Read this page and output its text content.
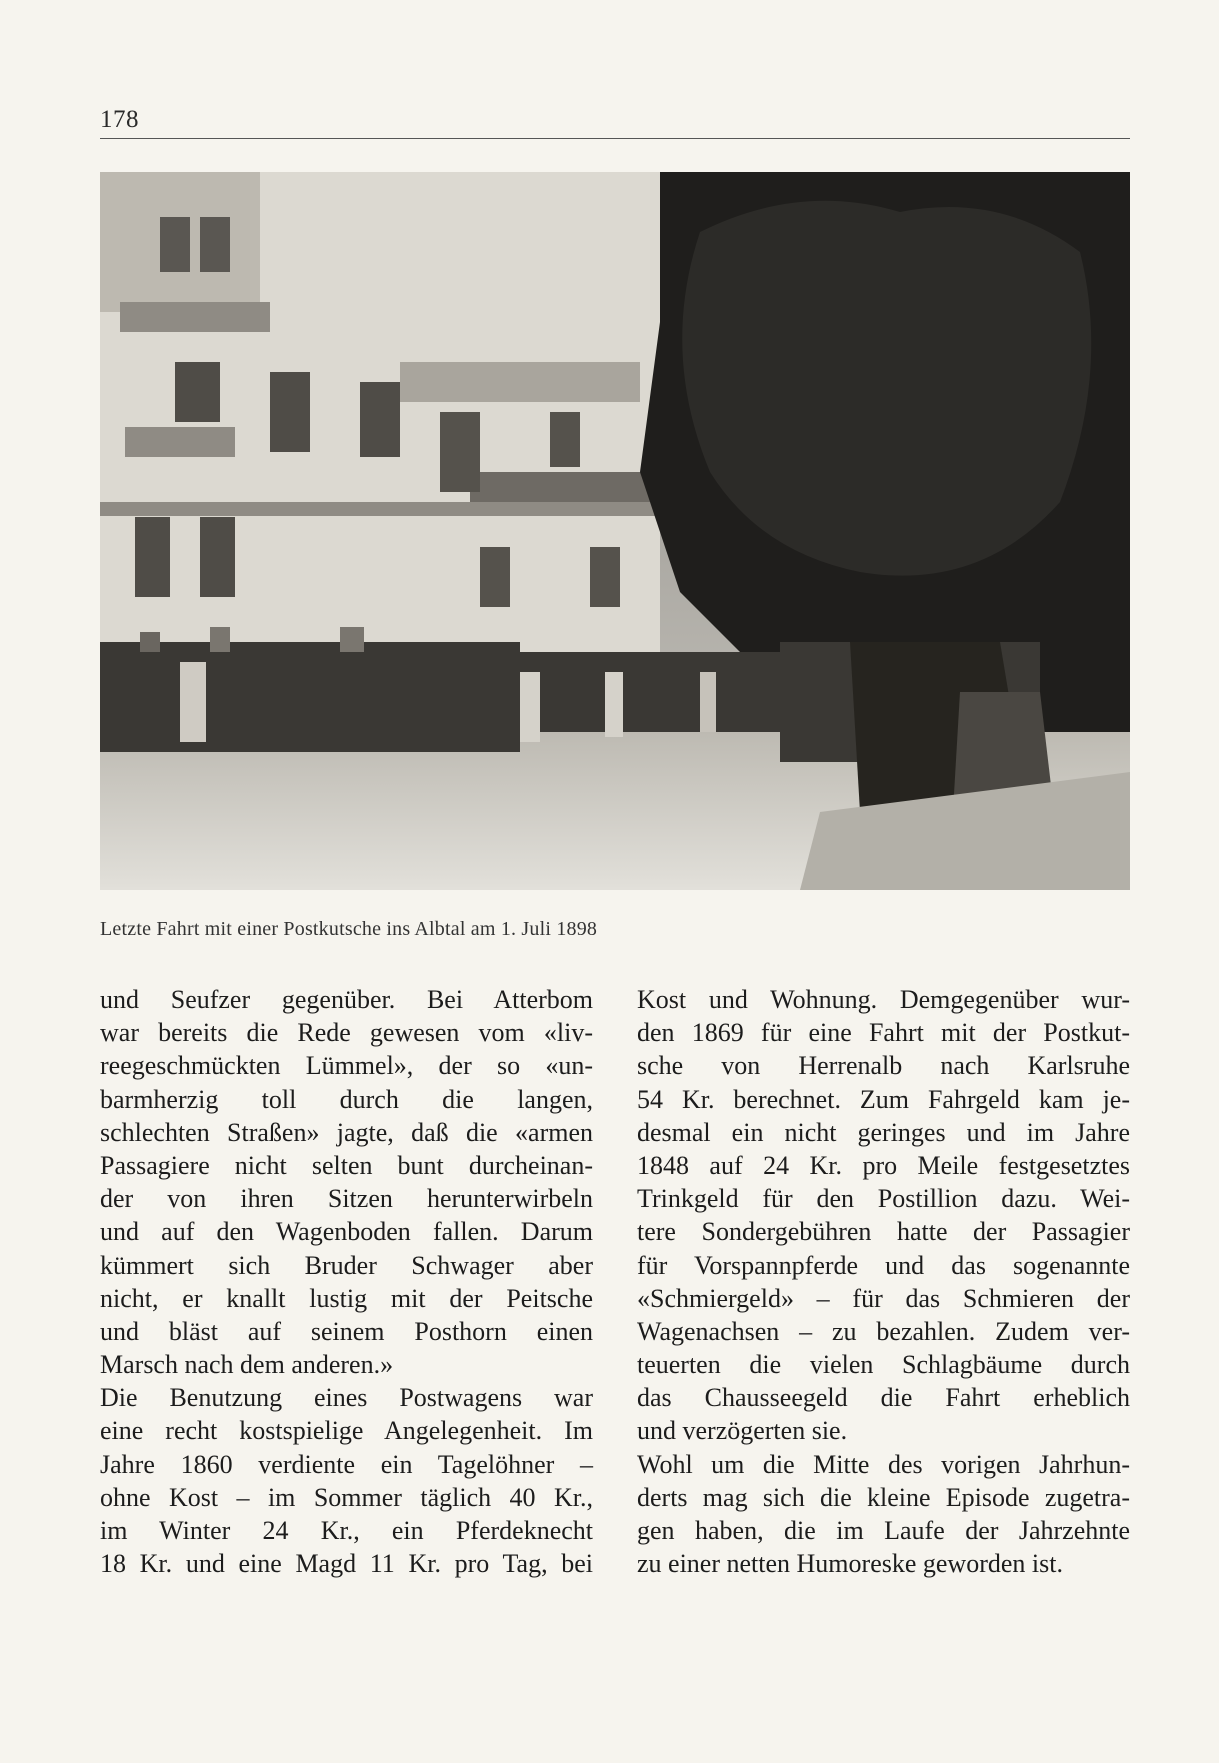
178
Letzte Fahrt mit einer Postkutsche ins Albtal am 1. Juli 1898
und Seufzer gegenüber. Bei Atterbom
war bereits die Rede gewesen vom «liv-
reegeschmückten Lümmel», der so «un-
barmherzig toll durch die langen,
schlechten Straßen» jagte, daß die «armen
Passagiere nicht selten bunt durcheinan-
der von ihren Sitzen herunterwirbeln
und auf den Wagenboden fallen. Darum
kümmert sich Bruder Schwager aber
nicht, er knallt lustig mit der Peitsche
und bläst auf seinem Posthorn einen
Marsch nach dem anderen.»
Die Benutzung eines Postwagens war
eine recht kostspielige Angelegenheit. Im
Jahre 1860 verdiente ein Tagelöhner –
ohne Kost – im Sommer täglich 40 Kr.,
im Winter 24 Kr., ein Pferdeknecht
18 Kr. und eine Magd 11 Kr. pro Tag, bei
Kost und Wohnung. Demgegenüber wur-
den 1869 für eine Fahrt mit der Postkut-
sche von Herrenalb nach Karlsruhe
54 Kr. berechnet. Zum Fahrgeld kam je-
desmal ein nicht geringes und im Jahre
1848 auf 24 Kr. pro Meile festgesetztes
Trinkgeld für den Postillion dazu. Wei-
tere Sondergebühren hatte der Passagier
für Vorspannpferde und das sogenannte
«Schmiergeld» – für das Schmieren der
Wagenachsen – zu bezahlen. Zudem ver-
teuerten die vielen Schlagbäume durch
das Chausseegeld die Fahrt erheblich
und verzögerten sie.
Wohl um die Mitte des vorigen Jahrhun-
derts mag sich die kleine Episode zugetra-
gen haben, die im Laufe der Jahrzehnte
zu einer netten Humoreske geworden ist.
